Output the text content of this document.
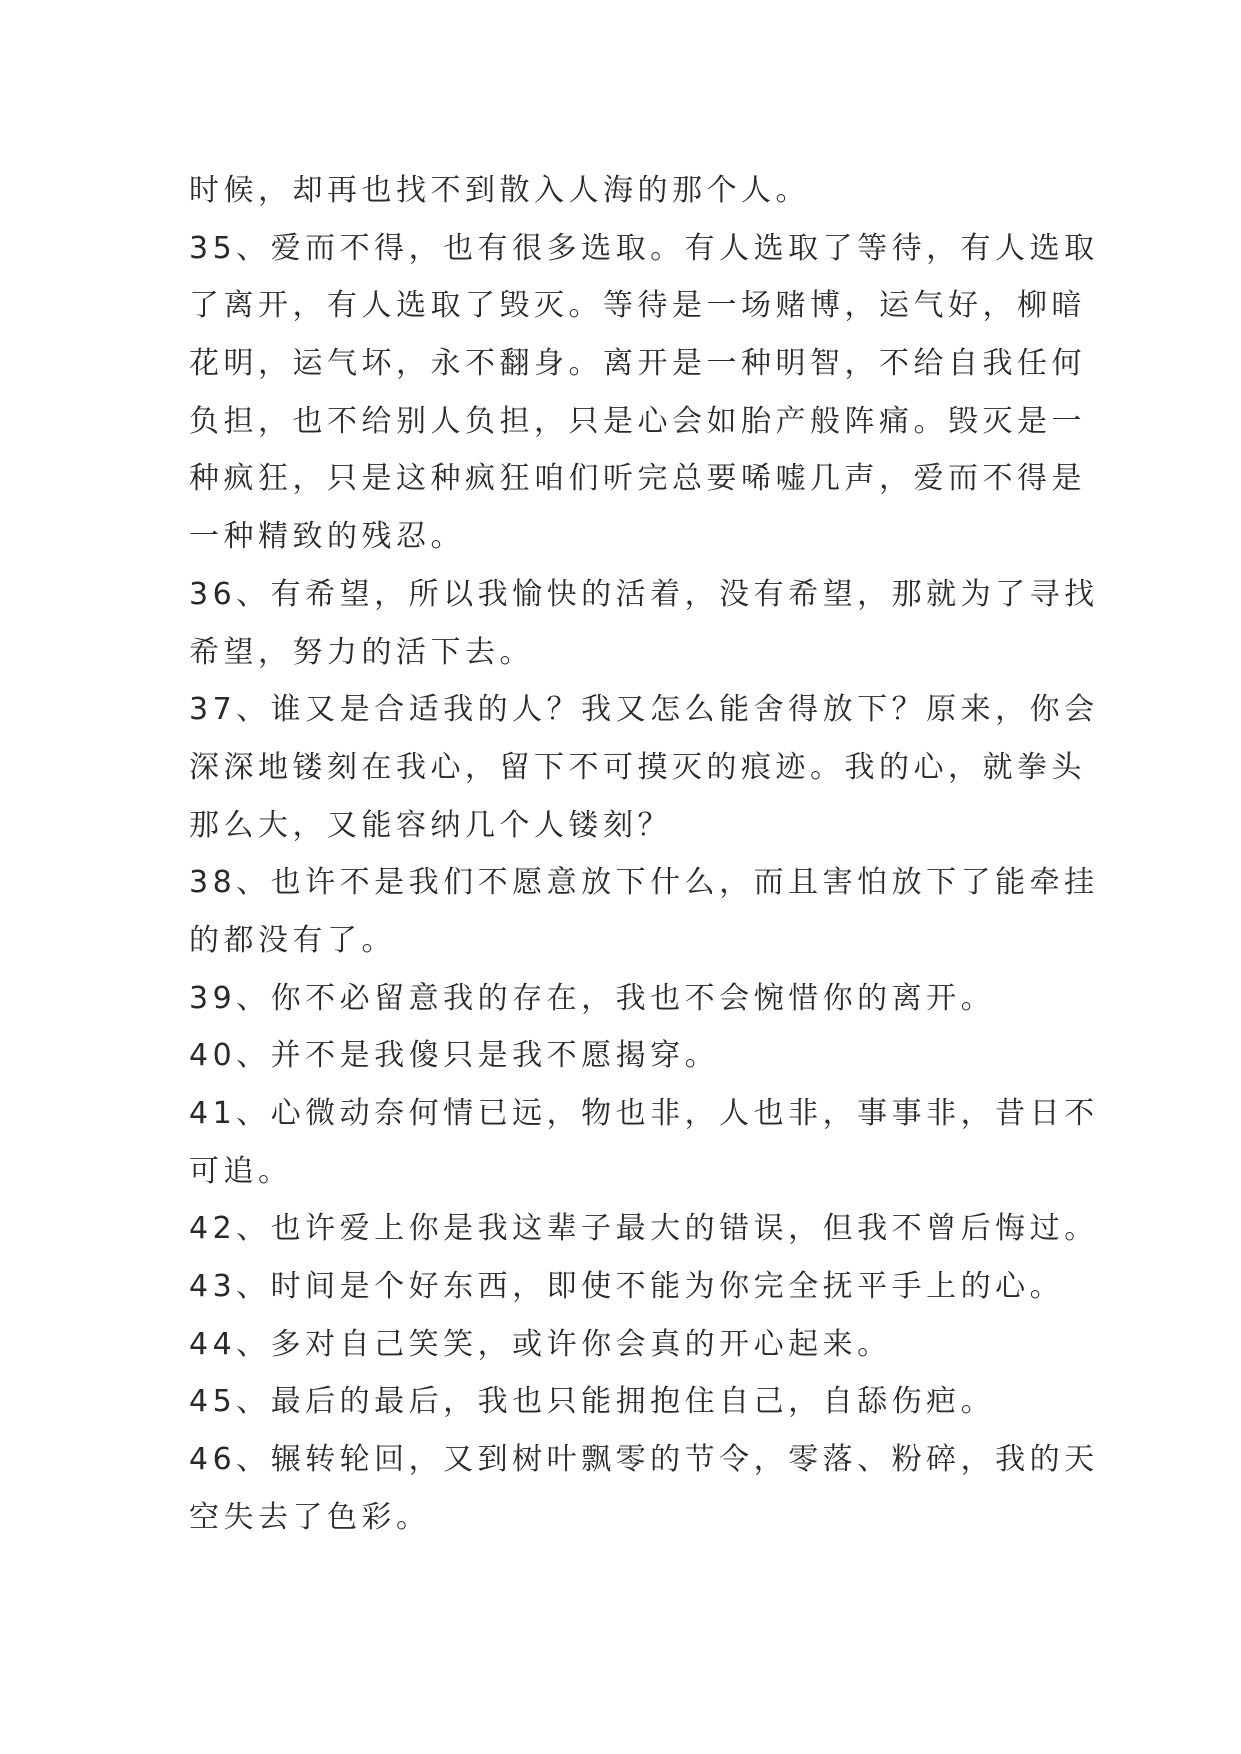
时候，却再也找不到散入人海的那个人。
35、爱而不得，也有很多选取。有人选取了等待，有人选取
了离开，有人选取了毁灭。等待是一场赌博，运气好，柳暗
花明，运气坏，永不翻身。离开是一种明智，不给自我任何
负担，也不给别人负担，只是心会如胎产般阵痛。毁灭是一
种疯狂，只是这种疯狂咱们听完总要唏嘘几声，爱而不得是
一种精致的残忍。
36、有希望，所以我愉快的活着，没有希望，那就为了寻找
希望，努力的活下去。
37、谁又是合适我的人？我又怎么能舍得放下？原来，你会
深深地镂刻在我心，留下不可摸灭的痕迹。我的心，就拳头
那么大，又能容纳几个人镂刻？
38、也许不是我们不愿意放下什么，而且害怕放下了能牵挂
的都没有了。
39、你不必留意我的存在，我也不会惋惜你的离开。
40、并不是我傻只是我不愿揭穿。
41、心微动奈何情已远，物也非，人也非，事事非，昔日不
可追。
42、也许爱上你是我这辈子最大的错误，但我不曾后悔过。
43、时间是个好东西，即使不能为你完全抚平手上的心。
44、多对自己笑笑，或许你会真的开心起来。
45、最后的最后，我也只能拥抱住自己，自舔伤疤。
46、辗转轮回，又到树叶飘零的节令，零落、粉碎，我的天
空失去了色彩。
